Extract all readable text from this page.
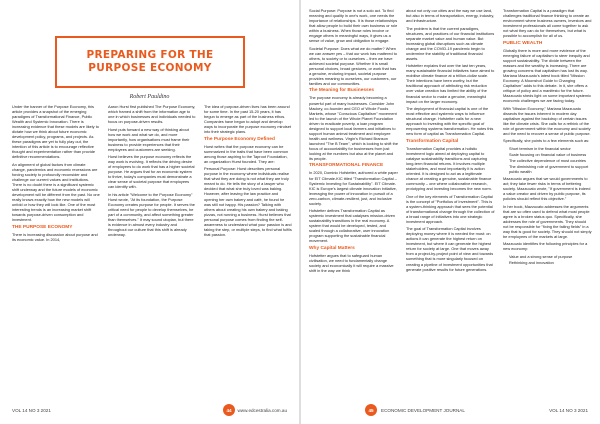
PREPARING FOR THE
PURPOSE ECONOMY
Robert Pauldino

Under the banner of the Purpose Economy, this article provides a snapshot of the emerging paradigms of Transformational Finance, Public Wealth and Systemic Innovation. There is increasing evidence that these models are likely to dictate how we think about future economic development policy, programs, and projects. As these paradigms are yet to fully play out, the intention of this article is to encourage reflective thought and experimentation rather than provide definitive recommendations.

An alignment of global factors from climate change, pandemics and economic recessions are forcing society to profoundly reconsider and challenge our current values and institutions. There is no doubt there is a significant systemic shift underway and the future models of economic development will be different from the past. No one really knows exactly how the new models will unfold or how they will look like. One of the most interesting trends is an increasing market shift towards purpose-driven consumption and investment.

THE PURPOSE ECONOMY

There is increasing discussion about purpose and its economic value. In 2014,

Aaron Hurst first published The Purpose Economy, which framed a shift from the information age to one in which businesses and individuals needed to focus on purpose-driven results.

Hurst puts forward a new way of thinking about how we work and what we do, and more importantly, how organisations must frame their business to provide experiences that their employees and customers are seeking.

Hurst believes the purpose economy reflects the way work is evolving. It reflects the driving desire of employees to do work that has a higher societal purpose. He argues that for an economic system to thrive, today's companies must demonstrate a clear sense of societal purpose that employees can identify with.

In his article "Welcome to the Purpose Economy" Hurst wrote, "At its foundation, the Purpose Economy creates purpose for people. It serves the critical need for people to develop themselves, be part of a community, and affect something greater than themselves." It may sound utopian, but there is evidence in almost every industry and throughout our culture that this shift is already underway.

The idea of purpose-driven lives has been around for some time. In the past 15-20 years, it has begun to emerge as part of the business ethos. Companies have begun to adopt and develop ways to incorporate the purpose economy mindset into their strategic plans.

The Purpose Economy Defined

Hurst writes that the purpose economy can be summarized in the traits that have been common among those aspiring to the Taproot Foundation, an organization Hurst founded. They are:

Personal Purpose: Hurst describes personal purpose in the economy where individuals realise that what they are doing is not what they are truly meant to do. He tells the story of a lawyer who decided that what she truly loved was baking. However, after leaving the law practice and opening her own bakery and café, he found he was still not happy. His passion? Talking with others about creating his own bakery and baking pizzas, not running a business. Hurst believes that personal purpose comes from finding the self-awareness to understand what your passion is and taking the step, or multiple steps, to find what fulfils that passion.

VOL 14 NO 3 2021	44	www.edcestralia.com.au

Social Purpose: Purpose is not a solo act. To find meaning and quality in one's work, one needs the importance of relationships. It is those relationships that allow people to build their own business or role within a business. When those roles involve or engage others in meaningful ways, it gives us a sense of value, grow and obligation to engage.

Societal Purpose: Does what we do matter? When we can answer yes – that our work has mattered to others, to society or to ourselves – then we have achieved societal purpose. Whether it is small personal choices, broad gestures, or work that has a genuine, enduring impact, societal purpose provides meaning to ourselves, our customers, our families and our communities.

The Meaning for Businesses

The purpose economy is already becoming a powerful part of many businesses. Consider John Mackey, co-founder and CEO of Whole Foods Markets, whose "Conscious Capitalism" movement led to the launch of the Whole Planet Foundation driven to eradicate poverty, a loan program designed to support local farmers and initiatives to support human animal treatment and employee health and wellness. Virgin's Richard Branson launched "The B Team", which is looking to shift the focus of accountability for businesses from just looking at the numbers but also at the planet and its people.

TRANSFORMATIONAL FINANCE

In 2020, Dominic Hofstetter, authored a white paper for EIT Climate-KIC titled "Transformation Capital – Systemic Investing for Sustainability". EIT Climate-KIC is Europe's largest climate innovation initiative, leveraging the power of innovation in pursuit of a zero-carbon, climate-resilient, just, and inclusive society.

Hofstetter defines Transformation Capital as systemic investment that catalyses mission-driven sustainability transitions in the real economy. A system that would be developed, tested, and scaled through a collaborative, user innovation program supporting the sustainable financial movement.

Why Capital Matters

Hofstetter argues that to safeguard human civilisation, we need to fundamentally change society and economically it will require a massive shift in the way we think

about not only our cities and the way we use land, but also in terms of transportation, energy, industry, and infrastructure.

The problem is that the current paradigms, structures, and practices of our financial institutions separate market value and human value. But increasing global disruptions such as climate change and the COVID-19 pandemic begin to undermine the stability of traditional financial assets.

Hofstetter explains that over the last ten years, many sustainable financial initiatives have aimed to mobilise climate finance at a trillion-dollar scale. Their intentions have been worthy, but the traditional approach of attributing risk reduction over value creation has limited the ability of the financial sector to make a genuine, meaningful impact on the larger economy.

The deployment of financial capital is one of the most effective and systemic ways to influence structural change. Hofstetter calls for a new approach to investing with the specific goal of empowering systems transformation. He notes this new form of capital as Transformation Capital.

Transformation Capital

Transformation Capital provides a holistic investment logic aimed at deploying capital to catalyse sustainability transitions and capturing long-term financial returns. It involves multiple stakeholders, and most importantly it is action oriented. It is designed to act as a legitimate chance at creating a genuine, sustainable finance community – one where collaborative research, prototyping and investing becomes the new norm.

One of the key elements of Transformation Capital is the concept of "Portfolios of Investment". This is a system-thinking approach that sees the potential of transformational change through the collection of a broad range of initiatives into one strategic investment approach.

The goal of Transformation Capital involves deploying money where it is needed the most: on actions it can generate the highest return on investment, but where it can generate the highest return for society at large. One that moves away from a project-by-project point of view and towards something that is more singularly focused on creating a pipeline of investment opportunities that generate positive results for future generations.

Transformation Capital is a paradigm that challenges traditional finance thinking to create an environment where business owners, investors and investment professionals all come together to ask not what they can do for themselves, but what is possible to accomplish for all of us.

PUBLIC WEALTH

Globally there is more and more evidence of the emerging failure of capitalism to steer inequity and support sustainability. The divide between the masses and the wealthy is increasing. There are growing concerns that capitalism has lost its way. Mariana Mazzucato's latest book titled "Mission Economy: A Moonshot Guide to Changing Capitalism" adds to this debate. In it, she offers a critique of policy and a manifesto for the future. Mazzucato sheds light on some important systemic economic challenges we are facing today.

With "Mission Economy," Mariana Mazzucato dissects the issues inherent in modern day capitalism against the backdrop of certain issues like the climate crisis. She calls for a rethink of the role of government within the economy and society and the need to recover a sense of public purpose.

Specifically, she points to a few elements such as:

• Short termism in the financial sector
• Scale focusing on financial value of business
• The collective dependence of most countries
• The diminishing role of government to support public wealth

Mazzucato argues that we would governments to act; they take fewer risks in terms of bettering society. Mazzucato wrote, "If government is indeed a value creator and driven by public purpose, its policies should reflect this objective."

In her book, Mazzucato addresses the arguments that are so often used to defend what most people agree is a broken status quo. Specifically, she addresses the role of governments. They should not be responsible for "fixing the failing fields" in a way that is good for society. They should not simply be employees of the markets at large.

Mazzucato identifies the following principles for a new economy:

• Value and a strong sense of purpose
• Rethinking and innovation
45	ECONOMIC DEVELOPMENT JOURNAL	VOL 14 NO 3 2021
